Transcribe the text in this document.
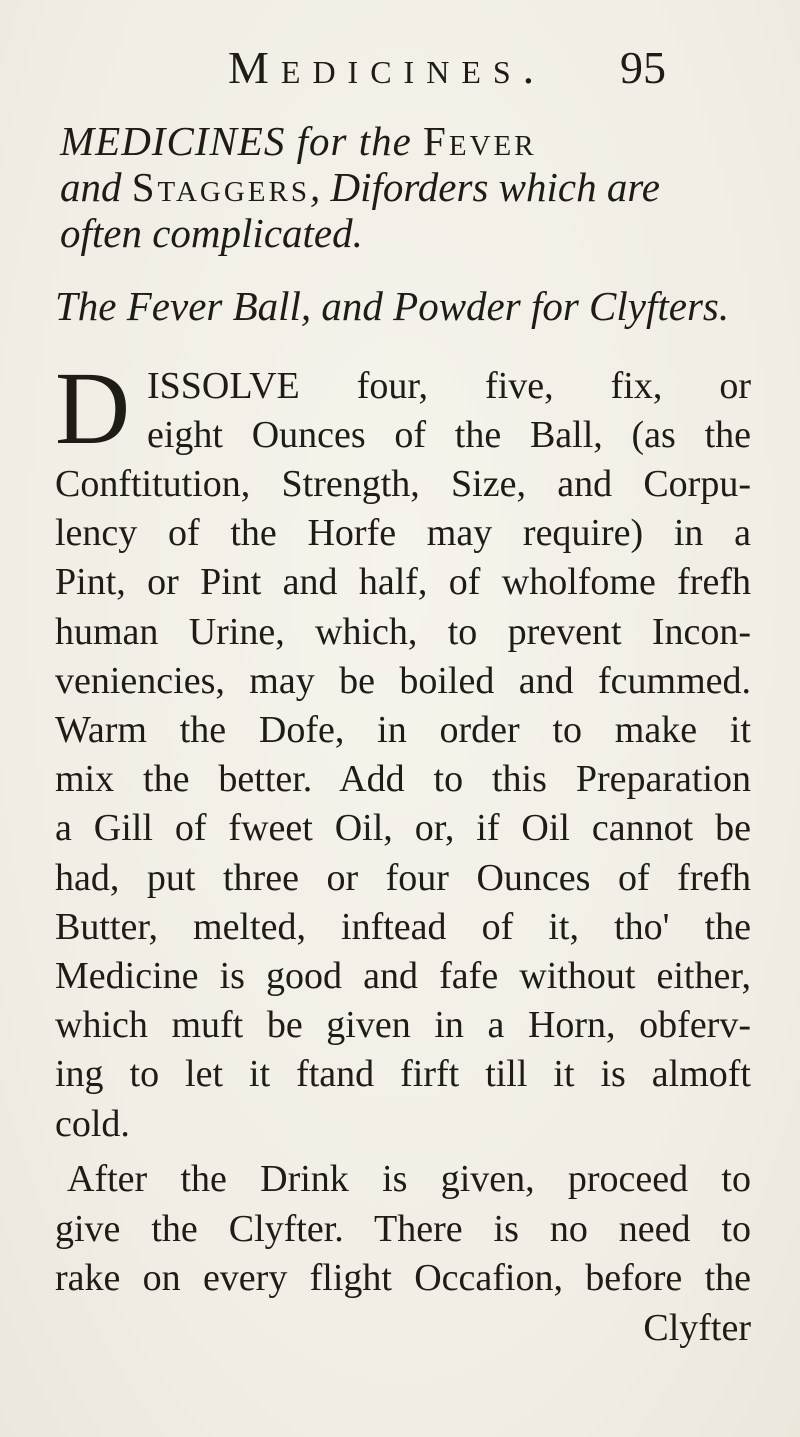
Medicines. 95
MEDICINES for the Fever
and Staggers, Diforders which are
often complicated.
The Fever Ball, and Powder for Clyfters.
D ISSOLVE four, five, fix, or
eight Ounces of the Ball, (as the
Conftitution, Strength, Size, and Corpu-
lency of the Horfe may require) in a
Pint, or Pint and half, of wholfome frefh
human Urine, which, to prevent Incon-
veniencies, may be boiled and fcummed.
Warm the Dofe, in order to make it
mix the better. Add to this Preparation
a Gill of fweet Oil, or, if Oil cannot be
had, put three or four Ounces of frefh
Butter, melted, inftead of it, tho' the
Medicine is good and fafe without either,
which muft be given in a Horn, obferv-
ing to let it ftand firft till it is almoft
cold.
After the Drink is given, proceed to
give the Clyfter. There is no need to
rake on every flight Occafion, before the
Clyfter
